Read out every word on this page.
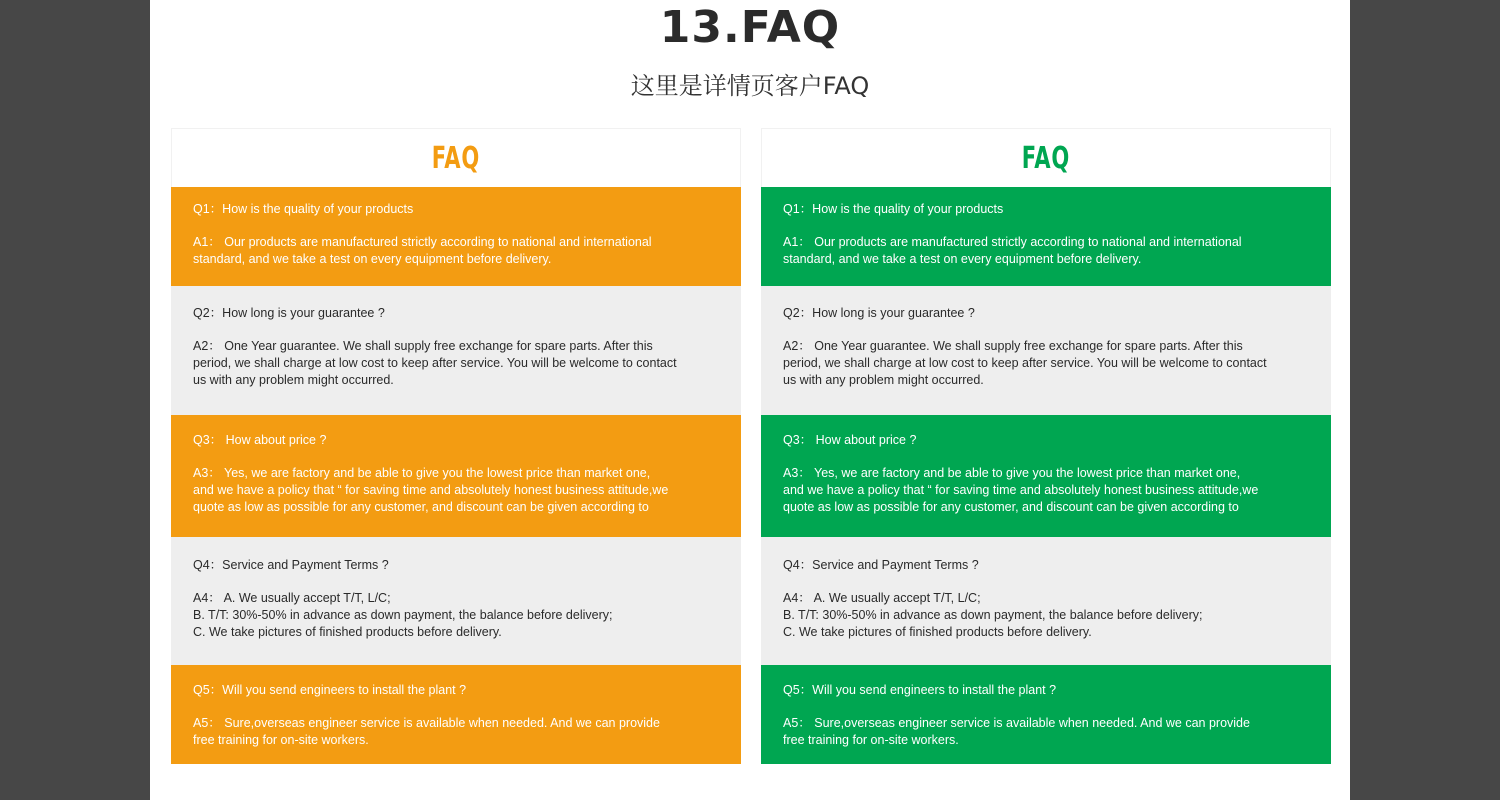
13.FAQ
这里是详情页客户FAQ
FAQ
Q1：How is the quality of your products
A1： Our products are manufactured strictly according to national and international
standard, and we take a test on every equipment before delivery.
Q2：How long is your guarantee ?
A2： One Year guarantee. We shall supply free exchange for spare parts. After this
period, we shall charge at low cost to keep after service. You will be welcome to contact
us with any problem might occurred.
Q3： How about price ?
A3： Yes, we are factory and be able to give you the lowest price than market one,
and we have a policy that “ for saving time and absolutely honest business attitude,we
quote as low as possible for any customer, and discount can be given according to
Q4：Service and Payment Terms ?
A4： A. We usually accept T/T, L/C;
B. T/T: 30%-50% in advance as down payment, the balance before delivery;
C. We take pictures of finished products before delivery.
Q5：Will you send engineers to install the plant ?
A5： Sure,overseas engineer service is available when needed. And we can provide
free training for on-site workers.
FAQ
Q1：How is the quality of your products
A1： Our products are manufactured strictly according to national and international
standard, and we take a test on every equipment before delivery.
Q2：How long is your guarantee ?
A2： One Year guarantee. We shall supply free exchange for spare parts. After this
period, we shall charge at low cost to keep after service. You will be welcome to contact
us with any problem might occurred.
Q3： How about price ?
A3： Yes, we are factory and be able to give you the lowest price than market one,
and we have a policy that “ for saving time and absolutely honest business attitude,we
quote as low as possible for any customer, and discount can be given according to
Q4：Service and Payment Terms ?
A4： A. We usually accept T/T, L/C;
B. T/T: 30%-50% in advance as down payment, the balance before delivery;
C. We take pictures of finished products before delivery.
Q5：Will you send engineers to install the plant ?
A5： Sure,overseas engineer service is available when needed. And we can provide
free training for on-site workers.
